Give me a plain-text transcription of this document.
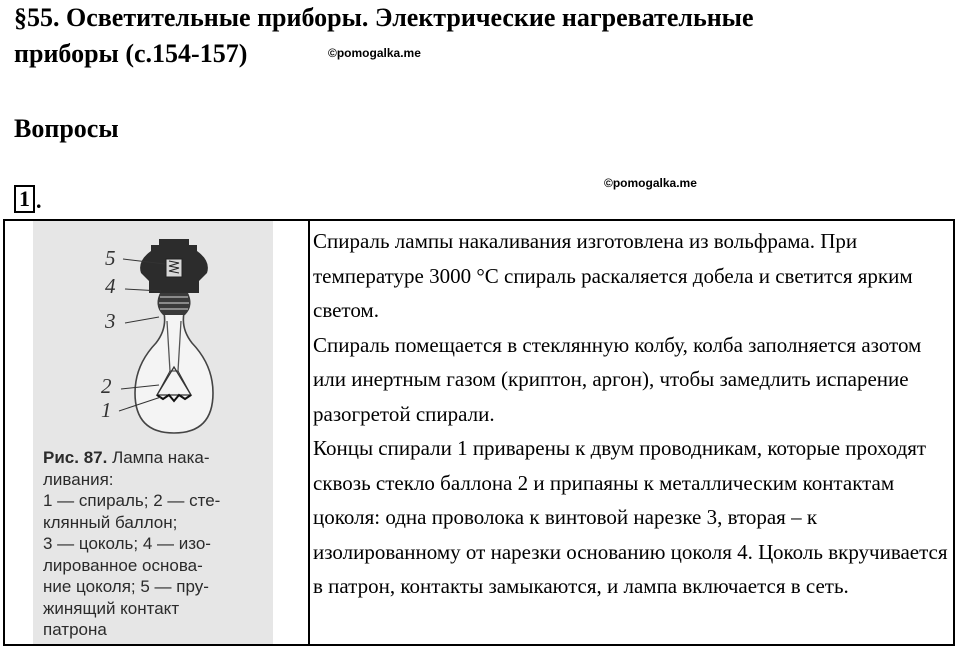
§55. Осветительные приборы. Электрические нагревательные
приборы (с.154-157)	©pomogalka.me
Вопросы
©pomogalka.me
1 .
5
4
3
2
1
Рис. 87. Лампа нака-
ливания:
1 — спираль; 2 — сте-
клянный баллон;
3 — цоколь; 4 — изо-
лированное основа-
ние цоколя; 5 — пру-
жинящий контакт
патрона

Спираль лампы накаливания изготовлена из вольфрама. При температуре 3000 °С спираль раскаляется добела и светится ярким светом.

Спираль помещается в стеклянную колбу, колба заполняется азотом или инертным газом (криптон, аргон), чтобы замедлить испарение разогретой спирали.

Концы спирали 1 приварены к двум проводникам, которые проходят сквозь стекло баллона 2 и припаяны к металлическим контактам цоколя: одна проволока к винтовой нарезке 3, вторая – к изолированному от нарезки основанию цоколя 4. Цоколь вкручивается в патрон, контакты замыкаются, и лампа включается в сеть.
